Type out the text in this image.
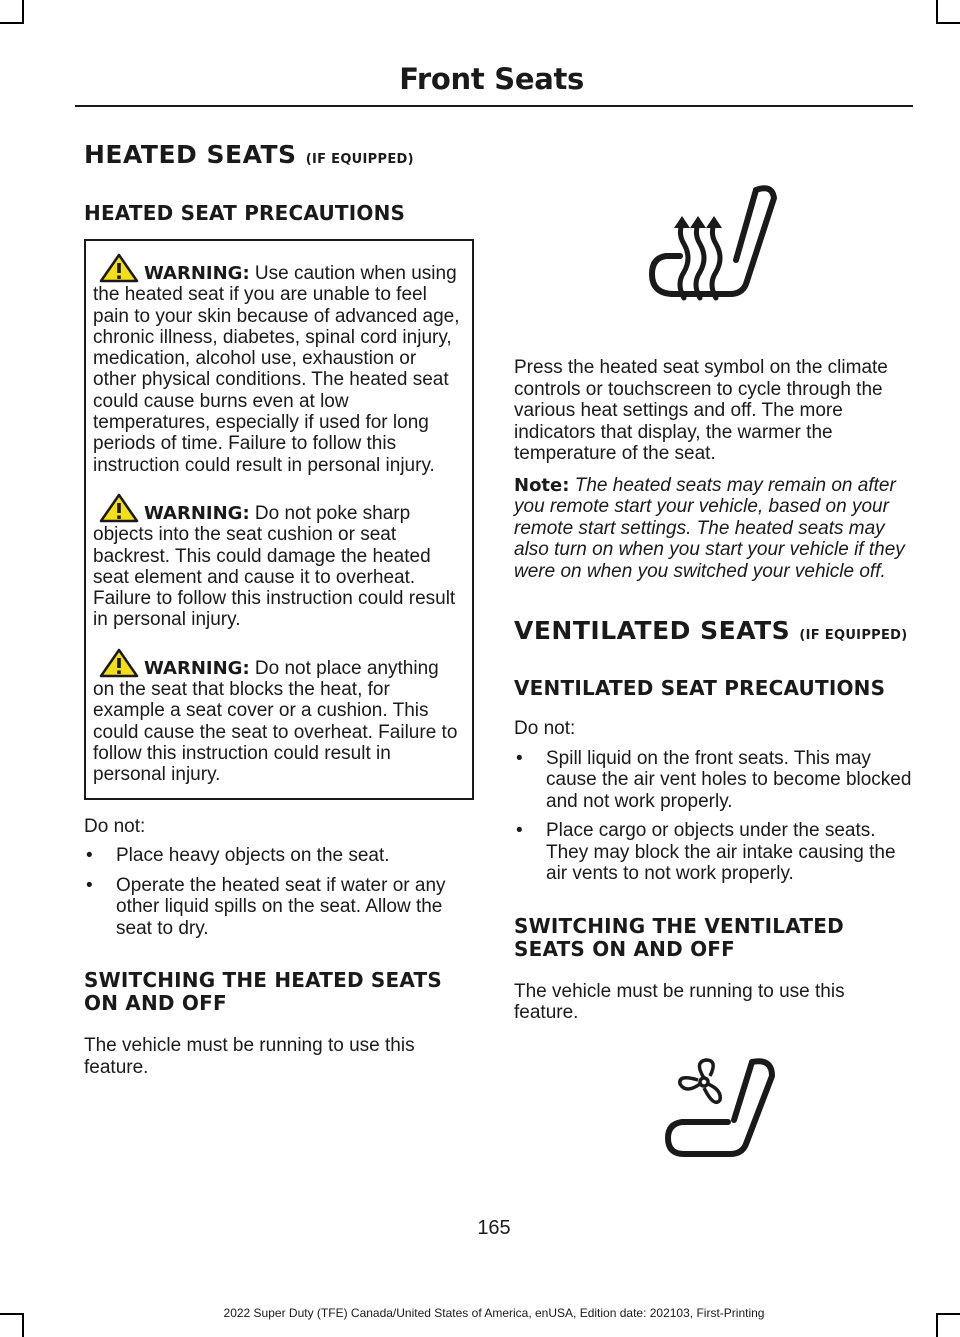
Front Seats
HEATED SEATS (IF EQUIPPED)
HEATED SEAT PRECAUTIONS

WARNING: Use caution when using the heated seat if you are unable to feel pain to your skin because of advanced age, chronic illness, diabetes, spinal cord injury, medication, alcohol use, exhaustion or other physical conditions. The heated seat could cause burns even at low temperatures, especially if used for long periods of time. Failure to follow this instruction could result in personal injury.

WARNING: Do not poke sharp objects into the seat cushion or seat backrest. This could damage the heated seat element and cause it to overheat. Failure to follow this instruction could result in personal injury.

WARNING: Do not place anything on the seat that blocks the heat, for example a seat cover or a cushion. This could cause the seat to overheat. Failure to follow this instruction could result in personal injury.

Do not:

• Place heavy objects on the seat.
• Operate the heated seat if water or any other liquid spills on the seat. Allow the seat to dry.
SWITCHING THE HEATED SEATS ON AND OFF

The vehicle must be running to use this feature.

Press the heated seat symbol on the climate controls or touchscreen to cycle through the various heat settings and off. The more indicators that display, the warmer the temperature of the seat.

Note: The heated seats may remain on after you remote start your vehicle, based on your remote start settings. The heated seats may also turn on when you start your vehicle if they were on when you switched your vehicle off.

VENTILATED SEATS (IF EQUIPPED)
VENTILATED SEAT PRECAUTIONS

Do not:

• Spill liquid on the front seats. This may cause the air vent holes to become blocked and not work properly.
• Place cargo or objects under the seats. They may block the air intake causing the air vents to not work properly.
SWITCHING THE VENTILATED SEATS ON AND OFF

The vehicle must be running to use this feature.

165
2022 Super Duty (TFE) Canada/United States of America, enUSA, Edition date: 202103, First-Printing
